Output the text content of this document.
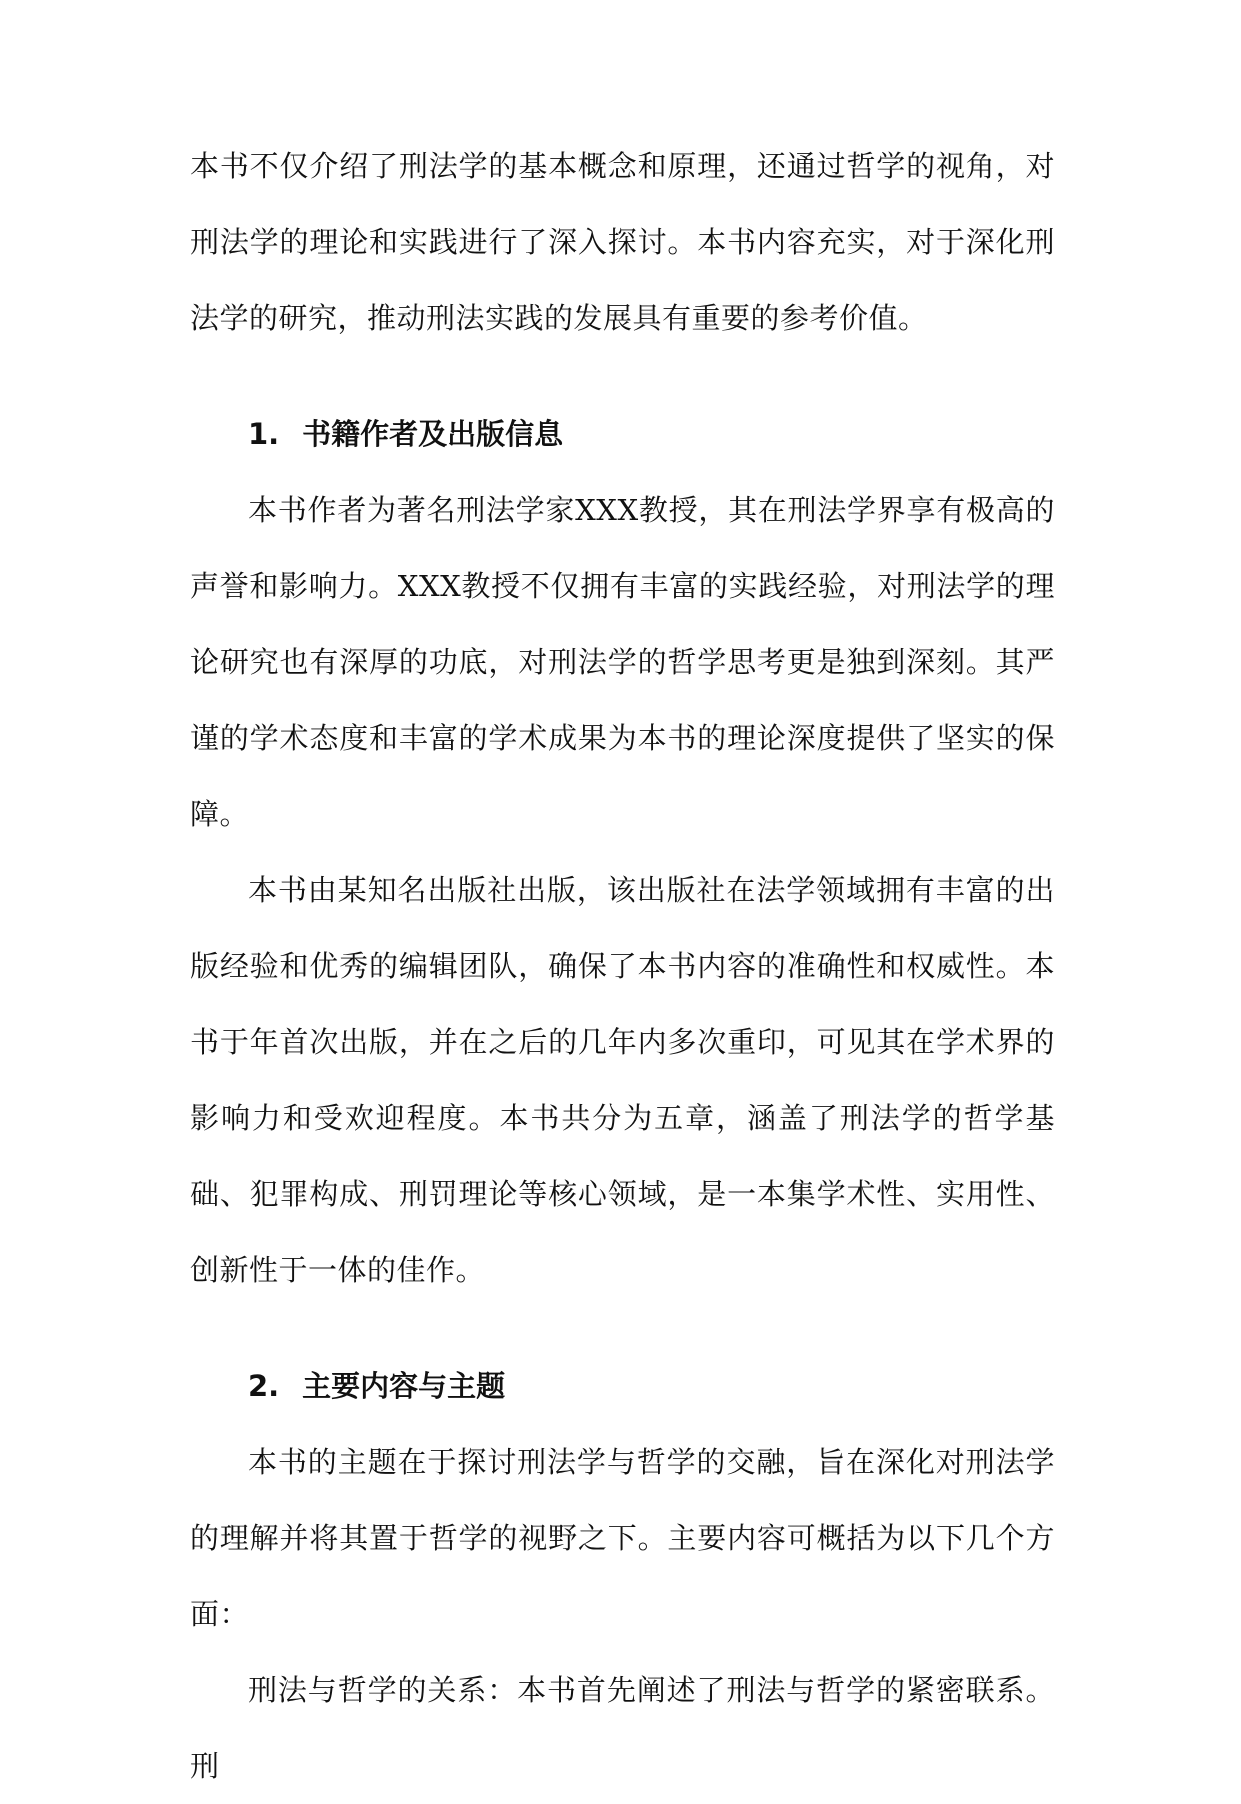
本书不仅介绍了刑法学的基本概念和原理，还通过哲学的视角，对刑法学的理论和实践进行了深入探讨。本书内容充实，对于深化刑法学的研究，推动刑法实践的发展具有重要的参考价值。

1. 书籍作者及出版信息

本书作者为著名刑法学家XXX教授，其在刑法学界享有极高的声誉和影响力。XXX教授不仅拥有丰富的实践经验，对刑法学的理论研究也有深厚的功底，对刑法学的哲学思考更是独到深刻。其严谨的学术态度和丰富的学术成果为本书的理论深度提供了坚实的保障。

本书由某知名出版社出版，该出版社在法学领域拥有丰富的出版经验和优秀的编辑团队，确保了本书内容的准确性和权威性。本书于年首次出版，并在之后的几年内多次重印，可见其在学术界的影响力和受欢迎程度。本书共分为五章，涵盖了刑法学的哲学基础、犯罪构成、刑罚理论等核心领域，是一本集学术性、实用性、创新性于一体的佳作。

2. 主要内容与主题

本书的主题在于探讨刑法学与哲学的交融，旨在深化对刑法学的理解并将其置于哲学的视野之下。主要内容可概括为以下几个方面：

刑法与哲学的关系：本书首先阐述了刑法与哲学的紧密联系。刑
